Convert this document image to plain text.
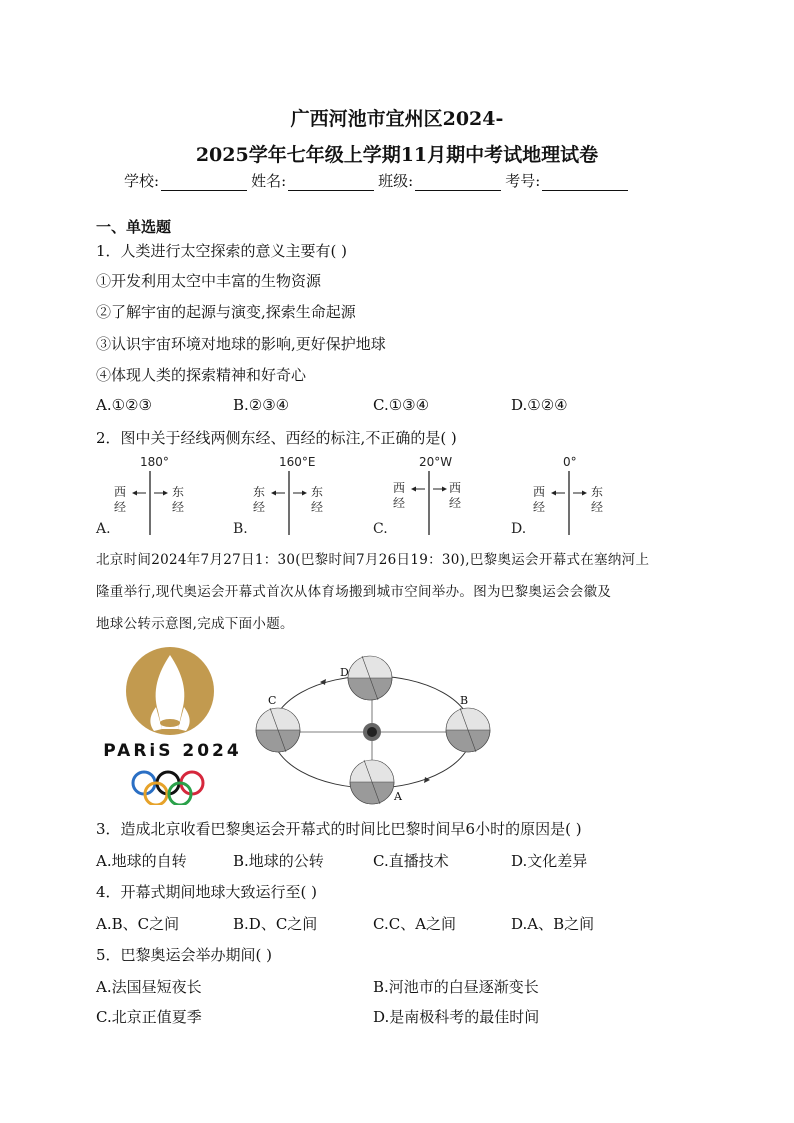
广西河池市宜州区2024-
2025学年七年级上学期11月期中考试地理试卷
学校:	姓名:	班级:	考号:
一、单选题
1．人类进行太空探索的意义主要有( )
①开发利用太空中丰富的生物资源
②了解宇宙的起源与演变,探索生命起源
③认识宇宙环境对地球的影响,更好保护地球
④体现人类的探索精神和好奇心
A.①②③	B.②③④	C.①③④	D.①②④
2．图中关于经线两侧东经、西经的标注,不正确的是( )
180°
西
经
东
经
A.
160°E
东
经
东
经
B.
20°W
西
经
西
经
C.
0°
西
经
东
经
D.
北京时间2024年7月27日1：30(巴黎时间7月26日19：30),巴黎奥运会开幕式在塞纳河上
隆重举行,现代奥运会开幕式首次从体育场搬到城市空间举办。图为巴黎奥运会会徽及
地球公转示意图,完成下面小题。
PARiS 2024
D
B
C
A
3．造成北京收看巴黎奥运会开幕式的时间比巴黎时间早6小时的原因是( )
A.地球的自转	B.地球的公转	C.直播技术	D.文化差异
4．开幕式期间地球大致运行至( )
A.B、C之间	B.D、C之间	C.C、A之间	D.A、B之间
5．巴黎奥运会举办期间( )
A.法国昼短夜长	B.河池市的白昼逐渐变长
C.北京正值夏季	D.是南极科考的最佳时间
